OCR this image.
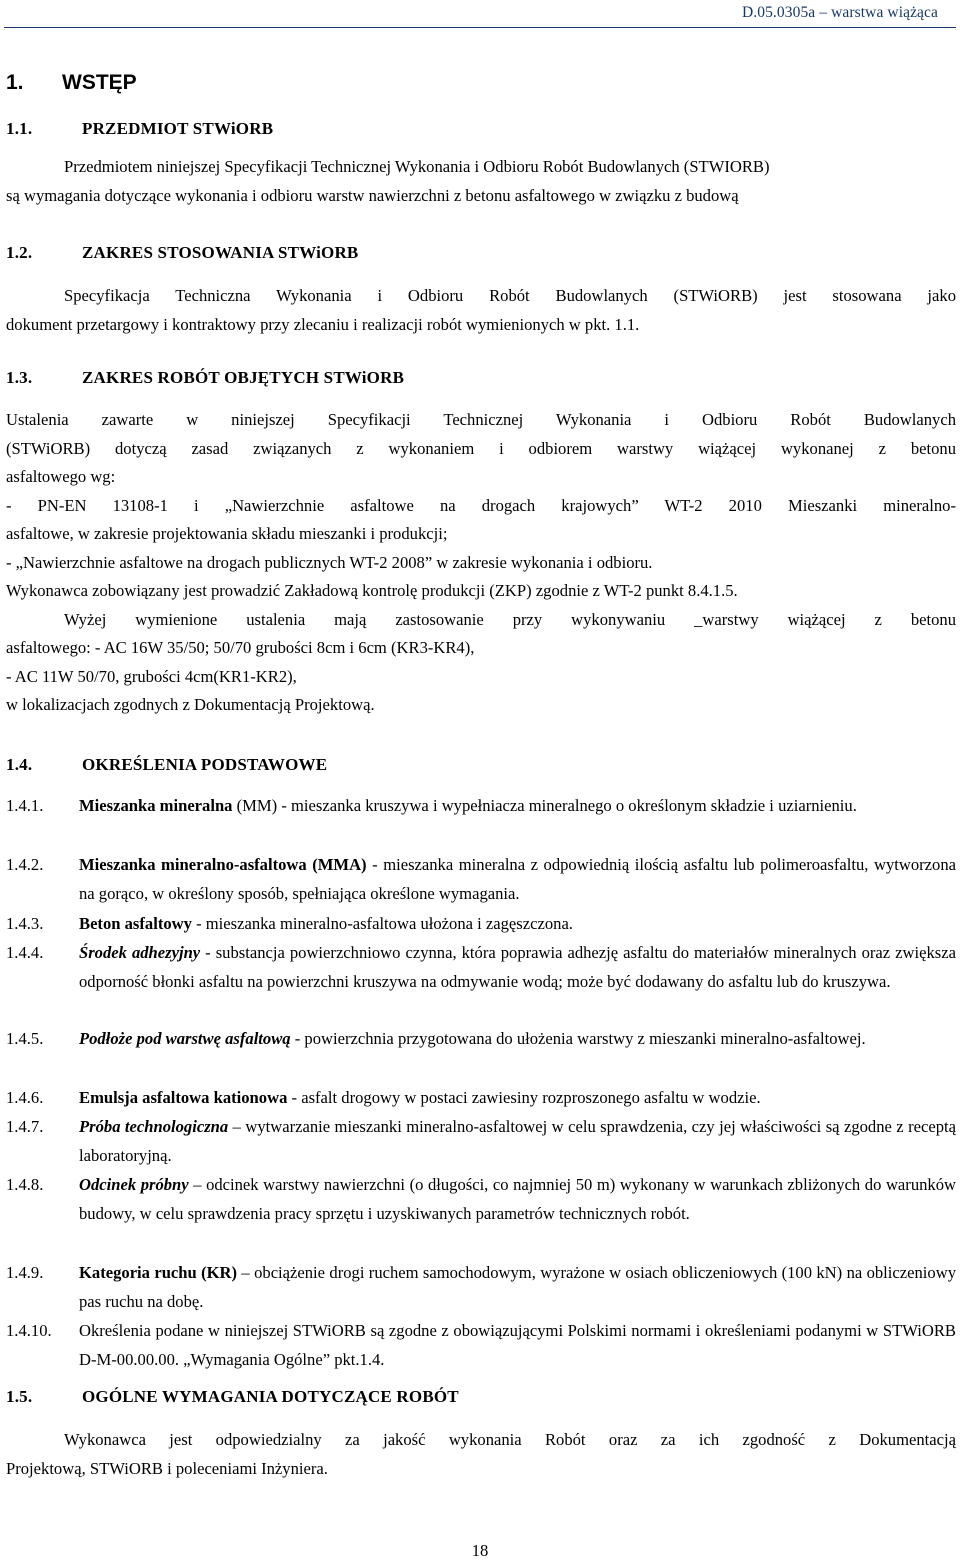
D.05.0305a – warstwa wiążąca
1. WSTĘP
1.1.	PRZEDMIOT STWiORB
Przedmiotem niniejszej Specyfikacji Technicznej Wykonania i Odbioru Robót Budowlanych (STWIORB)
są wymagania dotyczące wykonania i odbioru warstw nawierzchni z betonu asfaltowego w związku z budową
1.2.	ZAKRES STOSOWANIA STWiORB
Specyfikacja Techniczna Wykonania i Odbioru Robót Budowlanych (STWiORB) jest stosowana jako
dokument przetargowy i kontraktowy przy zlecaniu i realizacji robót wymienionych w pkt. 1.1.
1.3.	ZAKRES ROBÓT OBJĘTYCH STWiORB
Ustalenia zawarte w niniejszej Specyfikacji Technicznej Wykonania i Odbioru Robót Budowlanych
(STWiORB) dotyczą zasad związanych z wykonaniem i odbiorem warstwy wiążącej wykonanej z betonu
asfaltowego wg:
- PN-EN 13108-1 i „Nawierzchnie asfaltowe na drogach krajowych” WT-2 2010 Mieszanki mineralno-
asfaltowe, w zakresie projektowania składu mieszanki i produkcji;
- „Nawierzchnie asfaltowe na drogach publicznych WT-2 2008” w zakresie wykonania i odbioru.
Wykonawca zobowiązany jest prowadzić Zakładową kontrolę produkcji (ZKP) zgodnie z WT-2 punkt 8.4.1.5.
Wyżej wymienione ustalenia mają zastosowanie przy wykonywaniu _warstwy wiążącej z betonu
asfaltowego: - AC 16W 35/50; 50/70 grubości 8cm i 6cm (KR3-KR4),
- AC 11W 50/70, grubości 4cm(KR1-KR2),
w lokalizacjach zgodnych z Dokumentacją Projektową.
1.4.	OKREŚLENIA PODSTAWOWE
1.4.1. Mieszanka mineralna (MM) - mieszanka kruszywa i wypełniacza mineralnego o określonym składzie i uziarnieniu.
1.4.2. Mieszanka mineralno-asfaltowa (MMA) - mieszanka mineralna z odpowiednią ilością asfaltu lub polimeroasfaltu, wytworzona na gorąco, w określony sposób, spełniająca określone wymagania.
1.4.3. Beton asfaltowy - mieszanka mineralno-asfaltowa ułożona i zagęszczona.
1.4.4. Środek adhezyjny - substancja powierzchniowo czynna, która poprawia adhezję asfaltu do materiałów mineralnych oraz zwiększa odporność błonki asfaltu na powierzchni kruszywa na odmywanie wodą; może być dodawany do asfaltu lub do kruszywa.
1.4.5. Podłoże pod warstwę asfaltową - powierzchnia przygotowana do ułożenia warstwy z mieszanki mineralno-asfaltowej.
1.4.6. Emulsja asfaltowa kationowa - asfalt drogowy w postaci zawiesiny rozproszonego asfaltu w wodzie.
1.4.7. Próba technologiczna – wytwarzanie mieszanki mineralno-asfaltowej w celu sprawdzenia, czy jej właściwości są zgodne z receptą laboratoryjną.
1.4.8. Odcinek próbny – odcinek warstwy nawierzchni (o długości, co najmniej 50 m) wykonany w warunkach zbliżonych do warunków budowy, w celu sprawdzenia pracy sprzętu i uzyskiwanych parametrów technicznych robót.
1.4.9. Kategoria ruchu (KR) – obciążenie drogi ruchem samochodowym, wyrażone w osiach obliczeniowych (100 kN) na obliczeniowy pas ruchu na dobę.
1.4.10. Określenia podane w niniejszej STWiORB są zgodne z obowiązującymi Polskimi normami i określeniami podanymi w STWiORB D-M-00.00.00. „Wymagania Ogólne” pkt.1.4.
1.5.	OGÓLNE WYMAGANIA DOTYCZĄCE ROBÓT
Wykonawca jest odpowiedzialny za jakość wykonania Robót oraz za ich zgodność z Dokumentacją
Projektową, STWiORB i poleceniami Inżyniera.
18
